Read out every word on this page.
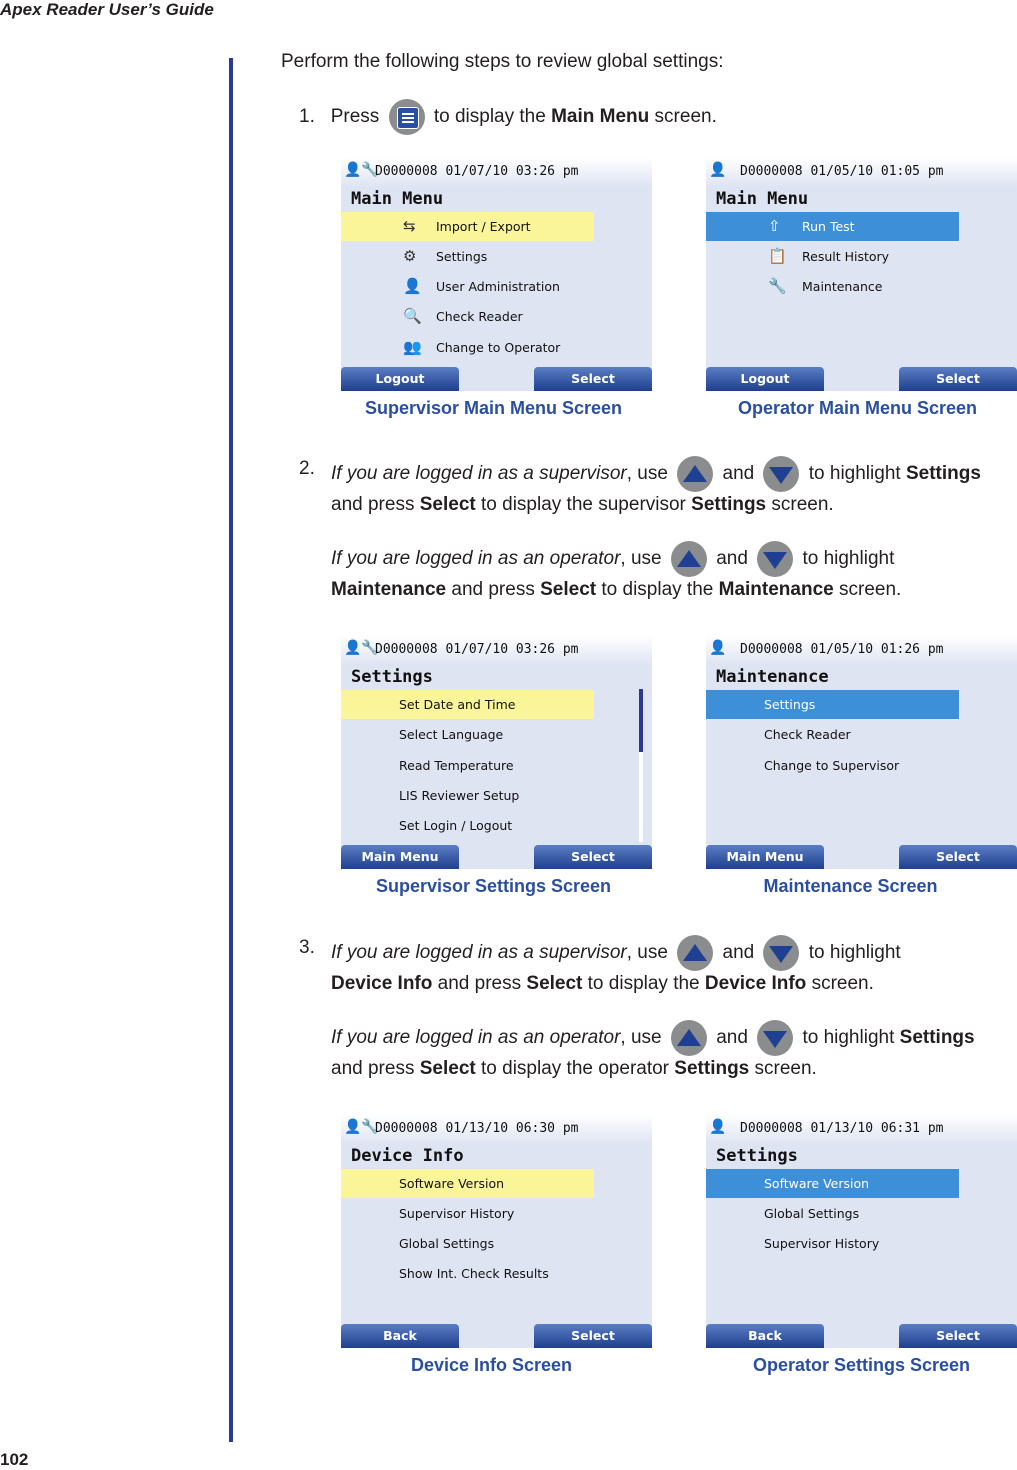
Apex Reader User’s Guide
Perform the following steps to review global settings:
1. Press	to display the Main Menu screen.
👤🔧
D0000008 01/07/10 03:26 pm
Main Menu
⇆ Import / Export
⚙ Settings
👤 User Administration
🔍 Check Reader
👥 Change to Operator
Logout	Select
Supervisor Main Menu Screen
👤 D0000008 01/05/10 01:05 pm
Main Menu
⇧ Run Test
📋 Result History
🔧 Maintenance
Logout	Select
Operator Main Menu Screen
2. If you are logged in as a supervisor, use	and	to highlight Settings
and press Select to display the supervisor Settings screen.
If you are logged in as an operator, use	and	to highlight
Maintenance and press Select to display the Maintenance screen.
👤🔧
D0000008 01/07/10 03:26 pm
Settings
Set Date and Time
Select Language
Read Temperature
LIS Reviewer Setup
Set Login / Logout
Main Menu	Select
Supervisor Settings Screen
👤 D0000008 01/05/10 01:26 pm
Maintenance
Settings
Check Reader
Change to Supervisor
Main Menu	Select
Maintenance Screen
3. If you are logged in as a supervisor, use	and	to highlight
Device Info and press Select to display the Device Info screen.
If you are logged in as an operator, use	and	to highlight Settings
and press Select to display the operator Settings screen.
👤🔧
D0000008 01/13/10 06:30 pm
Device Info
Software Version
Supervisor History
Global Settings
Show Int. Check Results
Back	Select
Device Info Screen
👤 D0000008 01/13/10 06:31 pm
Settings
Software Version
Global Settings
Supervisor History
Back	Select
Operator Settings Screen
102
